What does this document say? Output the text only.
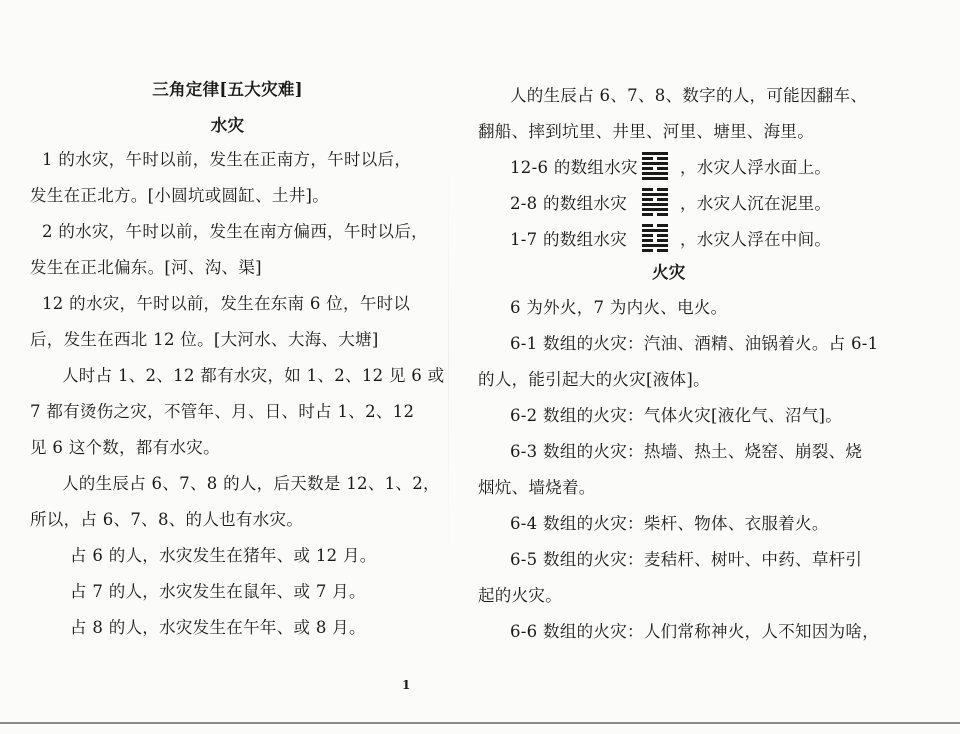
三角定律[五大灾难]
水灾
1 的水灾，午时以前，发生在正南方，午时以后，
发生在正北方。[小圆坑或圆缸、土井]。
2 的水灾，午时以前，发生在南方偏西，午时以后，
发生在正北偏东。[河、沟、渠]
12 的水灾，午时以前，发生在东南 6 位，午时以
后，发生在西北 12 位。[大河水、大海、大塘]
人时占 1、2、12 都有水灾，如 1、2、12 见 6 或
7 都有烫伤之灾，不管年、月、日、时占 1、2、12
见 6 这个数，都有水灾。
人的生辰占 6、7、8 的人，后天数是 12、1、2，
所以，占 6、7、8、的人也有水灾。
占 6 的人，水灾发生在猪年、或 12 月。
占 7 的人，水灾发生在鼠年、或 7 月。
占 8 的人，水灾发生在午年、或 8 月。
人的生辰占 6、7、8、数字的人，可能因翻车、
翻船、摔到坑里、井里、河里、塘里、海里。
12-6 的数组水灾	，水灾人浮水面上。
2-8 的数组水灾	，水灾人沉在泥里。
1-7 的数组水灾	，水灾人浮在中间。
火灾
6 为外火，7 为内火、电火。
6-1 数组的火灾：汽油、酒精、油锅着火。占 6-1
的人，能引起大的火灾[液体]。
6-2 数组的火灾：气体火灾[液化气、沼气]。
6-3 数组的火灾：热墙、热土、烧窑、崩裂、烧
烟炕、墙烧着。
6-4 数组的火灾：柴杆、物体、衣服着火。
6-5 数组的火灾：麦秸杆、树叶、中药、草杆引
起的火灾。
6-6 数组的火灾：人们常称神火，人不知因为啥，
1
